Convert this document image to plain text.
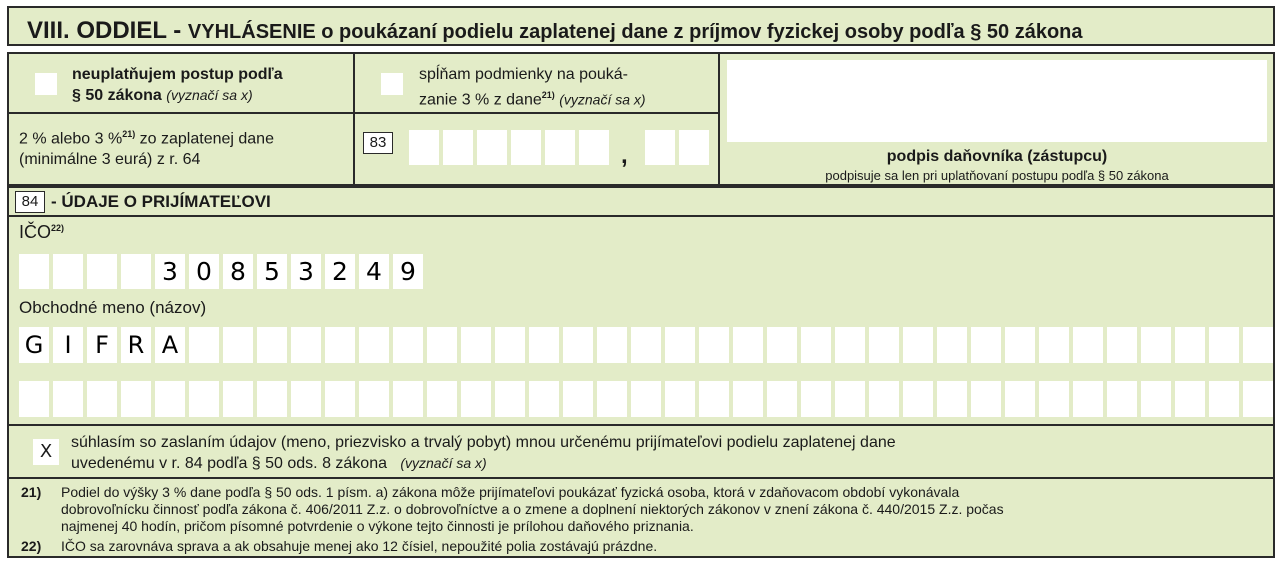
VIII. ODDIEL - VYHLÁSENIE o poukázaní podielu zaplatenej dane z príjmov fyzickej osoby podľa § 50 zákona
neuplatňujem postup podľa
§ 50 zákona (vyznačí sa x)
spĺňam podmienky na pouká-
zanie 3 % z dane$^{21)}$ (vyznačí sa x)
2 % alebo 3 %$^{21)}$ zo zaplatenej dane
(minimálne 3 eurá) z r. 64
83	,	podpis daňovníka (zástupcu)
podpisuje sa len pri uplatňovaní postupu podľa § 50 zákona
84 - ÚDAJE O PRIJÍMATEĽOVI
IČO$^{22)}$
3 0 8 5 3 2 4 9
Obchodné meno (názov)
G I F R A
X	súhlasím so zaslaním údajov (meno, priezvisko a trvalý pobyt) mnou určenému prijímateľovi podielu zaplatenej dane
uvedenému v r. 84 podľa § 50 ods. 8 zákona (vyznačí sa x)
21) Podiel do výšky 3 % dane podľa § 50 ods. 1 písm. a) zákona môže prijímateľovi poukázať fyzická osoba, ktorá v zdaňovacom období vykonávala
dobrovoľnícku činnosť podľa zákona č. 406/2011 Z.z. o dobrovoľníctve a o zmene a doplnení niektorých zákonov v znení zákona č. 440/2015 Z.z. počas
najmenej 40 hodín, pričom písomné potvrdenie o výkone tejto činnosti je prílohou daňového priznania.
22) IČO sa zarovnáva sprava a ak obsahuje menej ako 12 čísiel, nepoužité polia zostávajú prázdne.
